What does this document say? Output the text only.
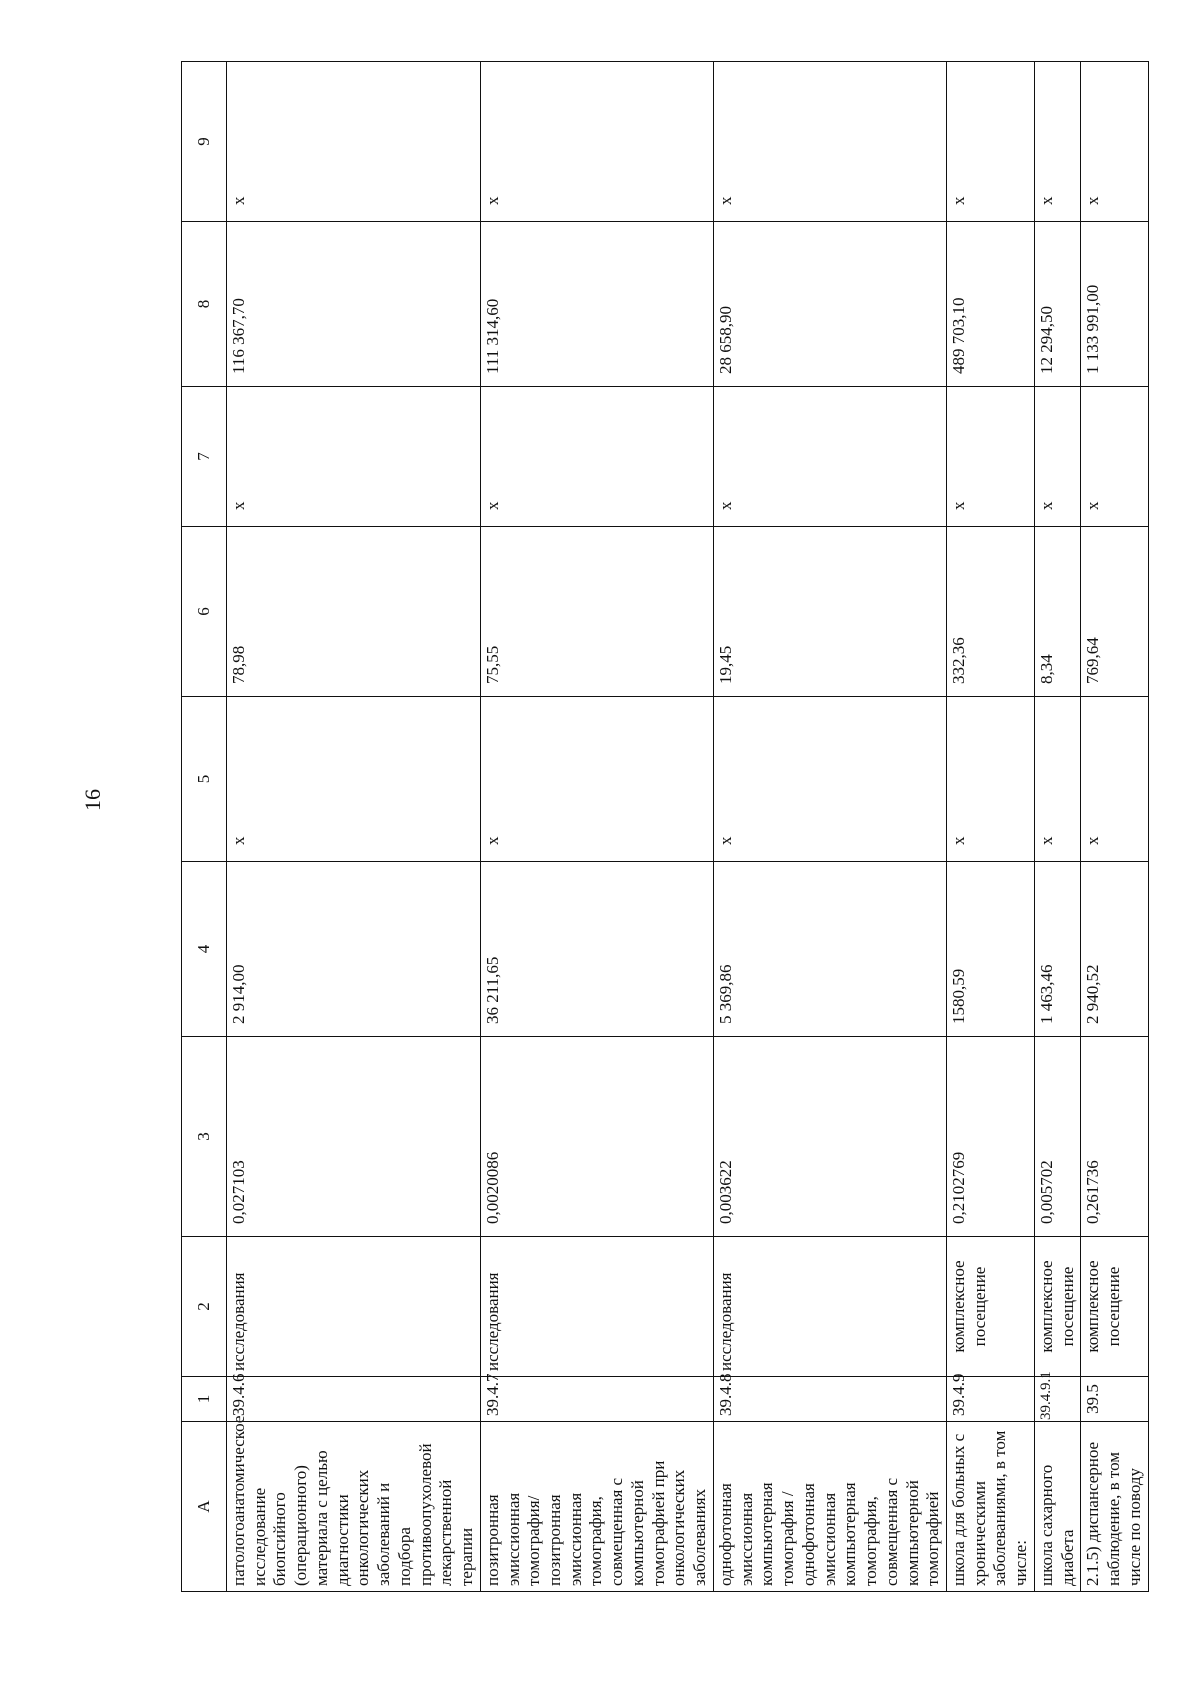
16
А	1	2	3	4	5	6	7	8	9
патологоанатомическое исследование биопсийного (операционного) материала с целью диагностики онкологических заболеваний и подбора противоопухолевой лекарственной терапии	39.4.6	исследования	0,027103	2 914,00	x	78,98	x	116 367,70	x
позитронная эмиссионная томография/позитронная эмиссионная томография, совмещенная с компьютерной томографией при онкологических заболеваниях	39.4.7	исследования	0,0020086	36 211,65	x	75,55	x	111 314,60	x
однофотонная эмиссионная компьютерная томография / однофотонная эмиссионная компьютерная томография, совмещенная с компьютерной томографией	39.4.8	исследования	0,003622	5 369,86	x	19,45	x	28 658,90	x
школа для больных с хроническими заболеваниями, в том числе:	39.4.9	комплексное посещение	0,2102769	1580,59	x	332,36	x	489 703,10	x
школа сахарного диабета	39.4.9.1	комплексное посещение	0,005702	1 463,46	x	8,34	x	12 294,50	x
2.1.5) диспансерное наблюдение, в том числе по поводу	39.5	комплексное посещение	0,261736	2 940,52	x	769,64	x	1 133 991,00	x
